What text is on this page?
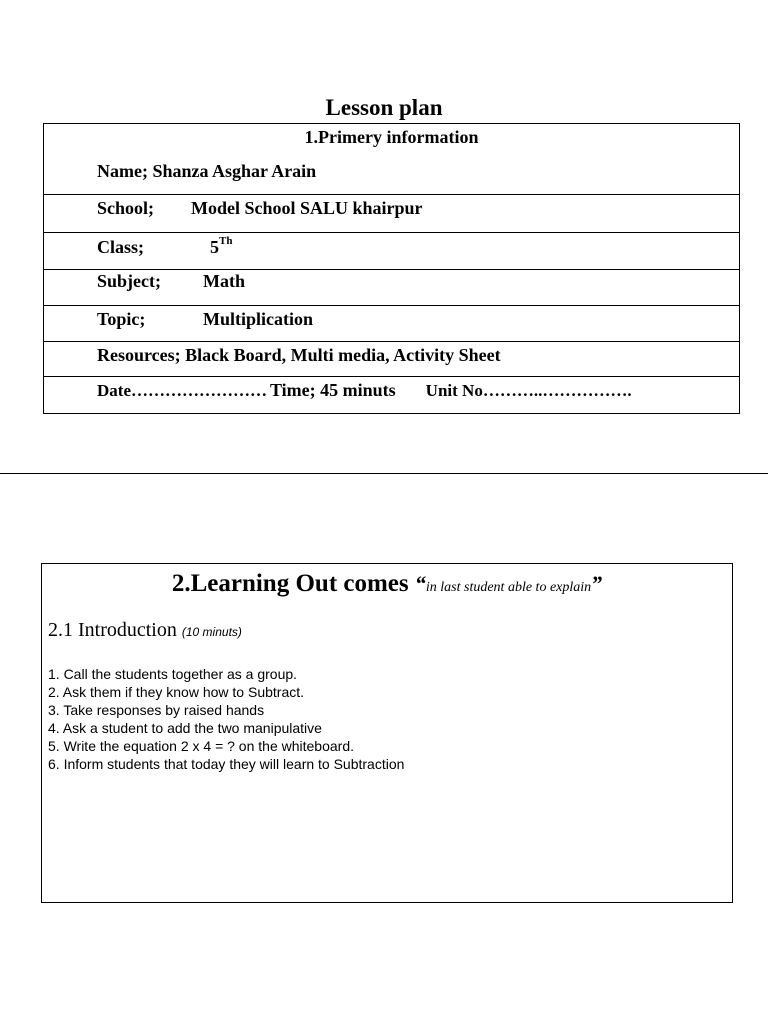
Lesson plan
1.Primery information
Name; Shanza Asghar Arain
School; Model School SALU khairpur
Class;	5Th
Subject; Math
Topic;	Multiplication
Resources; Black Board, Multi media, Activity Sheet
Date…………………… Time; 45 minuts Unit No………..…………….
2.Learning Out comes “in last student able to explain”
2.1 Introduction (10 minuts)
1. Call the students together as a group.
2. Ask them if they know how to Subtract.
3. Take responses by raised hands
4. Ask a student to add the two manipulative
5. Write the equation 2 x 4 = ? on the whiteboard.
6. Inform students that today they will learn to Subtraction
